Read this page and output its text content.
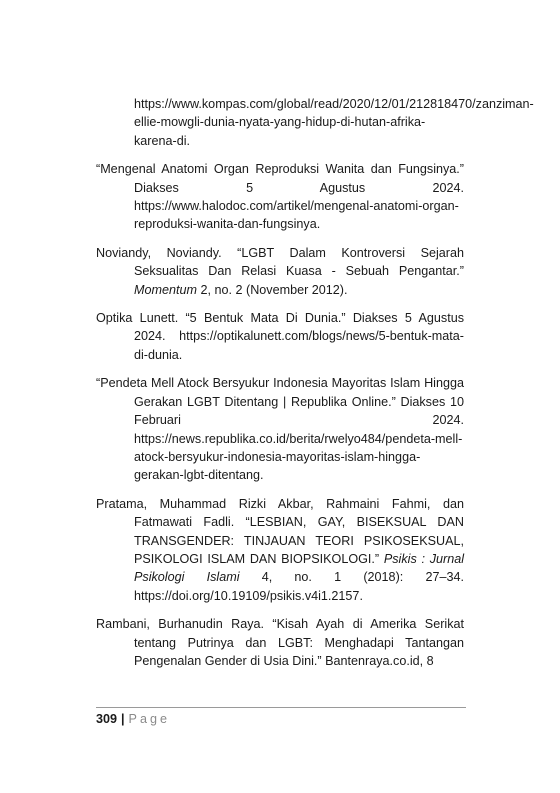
https://www.kompas.com/global/read/2020/12/01/212818470/zanziman-ellie-mowgli-dunia-nyata-yang-hidup-di-hutan-afrika-karena-di.

“Mengenal Anatomi Organ Reproduksi Wanita dan Fungsinya.” Diakses 5 Agustus 2024. https://www.halodoc.com/artikel/mengenal-anatomi-organ-reproduksi-wanita-dan-fungsinya.

Noviandy, Noviandy. “LGBT Dalam Kontroversi Sejarah Seksualitas Dan Relasi Kuasa - Sebuah Pengantar.” Momentum 2, no. 2 (November 2012).

Optika Lunett. “5 Bentuk Mata Di Dunia.” Diakses 5 Agustus 2024. https://optikalunett.com/blogs/news/5-bentuk-mata-di-dunia.

“Pendeta Mell Atock Bersyukur Indonesia Mayoritas Islam Hingga Gerakan LGBT Ditentang | Republika Online.” Diakses 10 Februari 2024. https://news.republika.co.id/berita/rwelyo484/pendeta-mell-atock-bersyukur-indonesia-mayoritas-islam-hingga-gerakan-lgbt-ditentang.

Pratama, Muhammad Rizki Akbar, Rahmaini Fahmi, dan Fatmawati Fadli. “LESBIAN, GAY, BISEKSUAL DAN TRANSGENDER: TINJAUAN TEORI PSIKOSEKSUAL, PSIKOLOGI ISLAM DAN BIOPSIKOLOGI.” Psikis : Jurnal Psikologi Islami 4, no. 1 (2018): 27–34. https://doi.org/10.19109/psikis.v4i1.2157.

Rambani, Burhanudin Raya. “Kisah Ayah di Amerika Serikat tentang Putrinya dan LGBT: Menghadapi Tantangan Pengenalan Gender di Usia Dini.” Bantenraya.co.id, 8

309 | Page
